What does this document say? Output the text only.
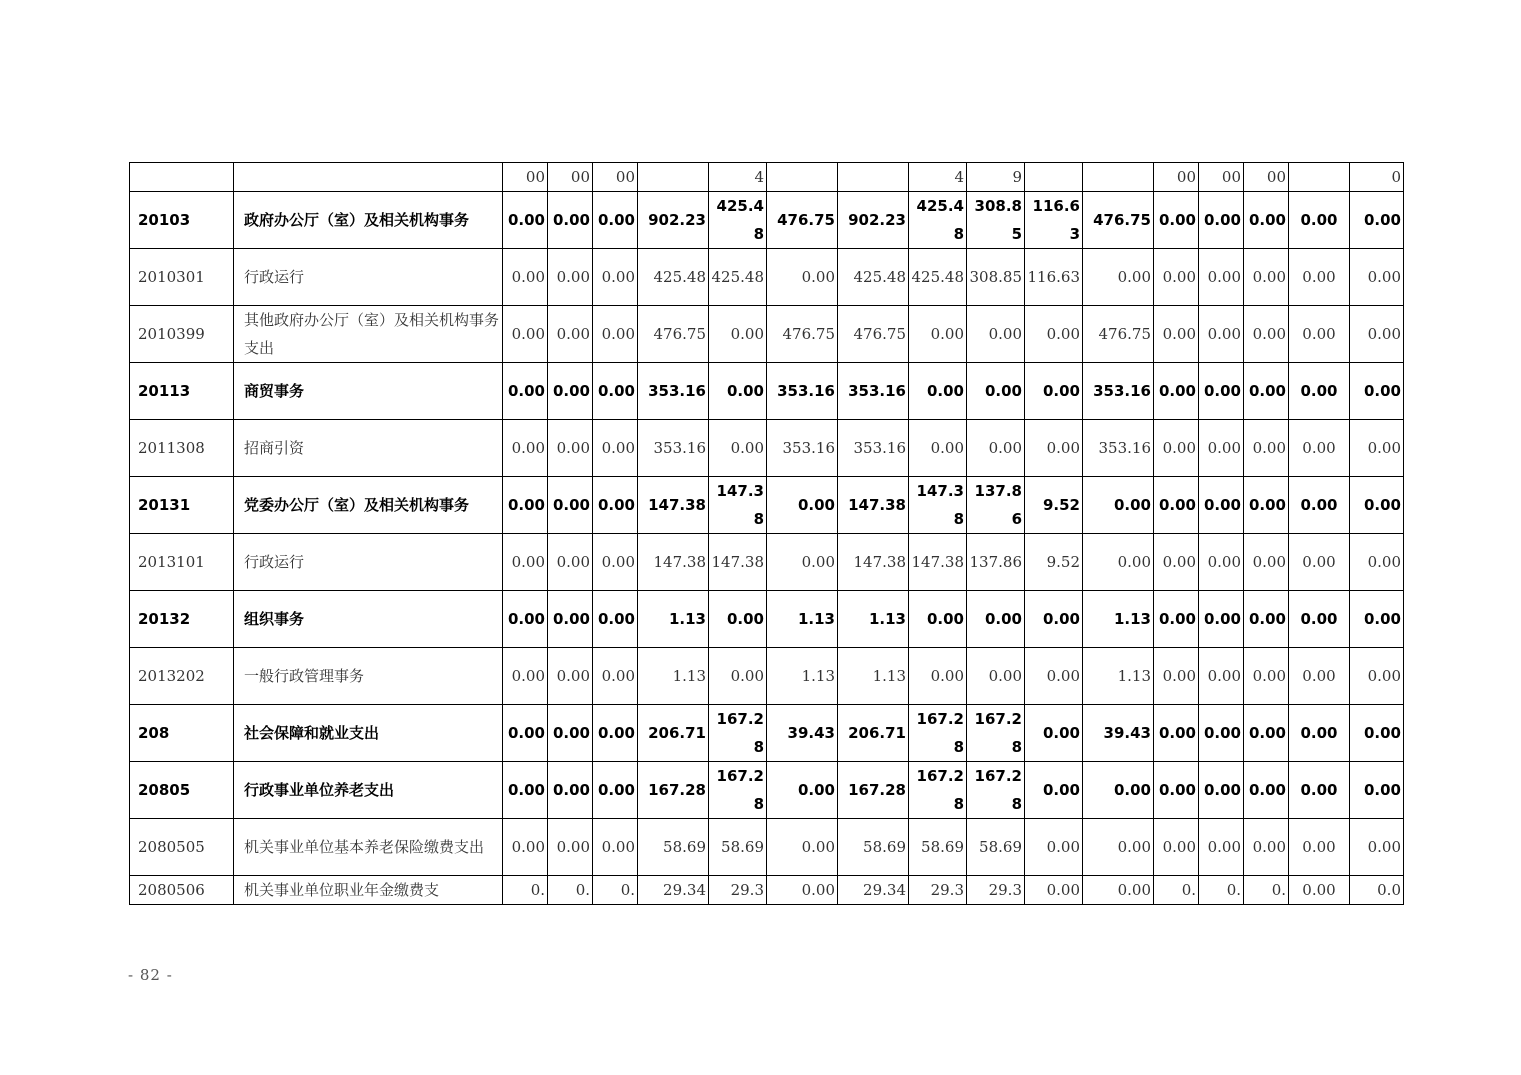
		00	00	00		4			4	9			00	00	00		0
20103	政府办公厅（室）及相关机构事务	0.00	0.00	0.00	902.23	425.48	476.75	902.23	425.48	308.85	116.63	476.75	0.00	0.00	0.00	0.00	0.00
2010301	行政运行	0.00	0.00	0.00	425.48	425.48	0.00	425.48	425.48	308.85	116.63	0.00	0.00	0.00	0.00	0.00	0.00
2010399	其他政府办公厅（室）及相关机构事务支出	0.00	0.00	0.00	476.75	0.00	476.75	476.75	0.00	0.00	0.00	476.75	0.00	0.00	0.00	0.00	0.00
20113	商贸事务	0.00	0.00	0.00	353.16	0.00	353.16	353.16	0.00	0.00	0.00	353.16	0.00	0.00	0.00	0.00	0.00
2011308	招商引资	0.00	0.00	0.00	353.16	0.00	353.16	353.16	0.00	0.00	0.00	353.16	0.00	0.00	0.00	0.00	0.00
20131	党委办公厅（室）及相关机构事务	0.00	0.00	0.00	147.38	147.38	0.00	147.38	147.38	137.86	9.52	0.00	0.00	0.00	0.00	0.00	0.00
2013101	行政运行	0.00	0.00	0.00	147.38	147.38	0.00	147.38	147.38	137.86	9.52	0.00	0.00	0.00	0.00	0.00	0.00
20132	组织事务	0.00	0.00	0.00	1.13	0.00	1.13	1.13	0.00	0.00	0.00	1.13	0.00	0.00	0.00	0.00	0.00
2013202	一般行政管理事务	0.00	0.00	0.00	1.13	0.00	1.13	1.13	0.00	0.00	0.00	1.13	0.00	0.00	0.00	0.00	0.00
208	社会保障和就业支出	0.00	0.00	0.00	206.71	167.28	39.43	206.71	167.28	167.28	0.00	39.43	0.00	0.00	0.00	0.00	0.00
20805	行政事业单位养老支出	0.00	0.00	0.00	167.28	167.28	0.00	167.28	167.28	167.28	0.00	0.00	0.00	0.00	0.00	0.00	0.00
2080505	机关事业单位基本养老保险缴费支出	0.00	0.00	0.00	58.69	58.69	0.00	58.69	58.69	58.69	0.00	0.00	0.00	0.00	0.00	0.00	0.00
2080506	机关事业单位职业年金缴费支	0.	0.	0.	29.34	29.3	0.00	29.34	29.3	29.3	0.00	0.00	0.	0.	0.	0.00	0.0
- 82 -
